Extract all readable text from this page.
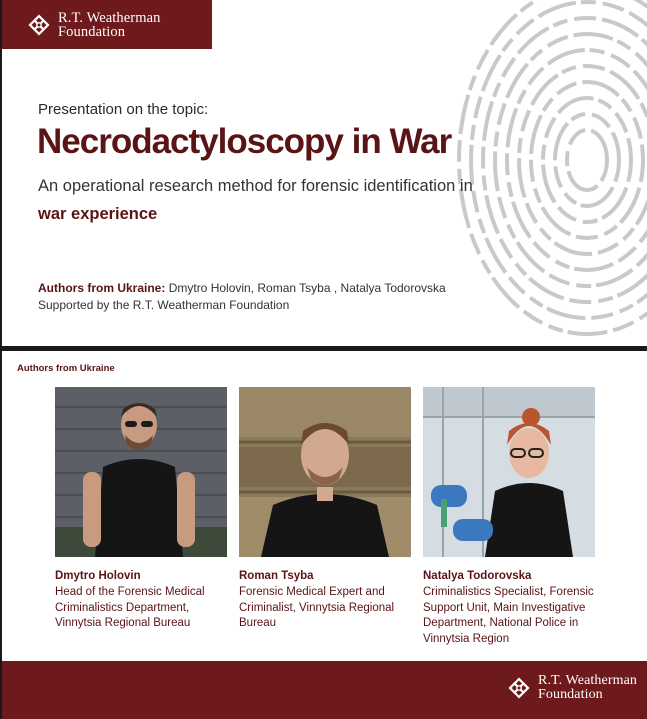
R.T. Weatherman
Foundation
Presentation on the topic:
Necrodactyloscopy in War
An operational research method for forensic identification in
war experience
Authors from Ukraine: Dmytro Holovin, Roman Tsyba , Natalya Todorovska
Supported by the R.T. Weatherman Foundation
Authors from Ukraine
Dmytro Holovin
Head of the Forensic Medical Criminalistics Department, Vinnytsia Regional Bureau
Roman Tsyba
Forensic Medical Expert and Criminalist, Vinnytsia Regional Bureau
Natalya Todorovska
Criminalistics Specialist, Forensic Support Unit, Main Investigative Department, National Police in Vinnytsia Region
R.T. Weatherman
Foundation
